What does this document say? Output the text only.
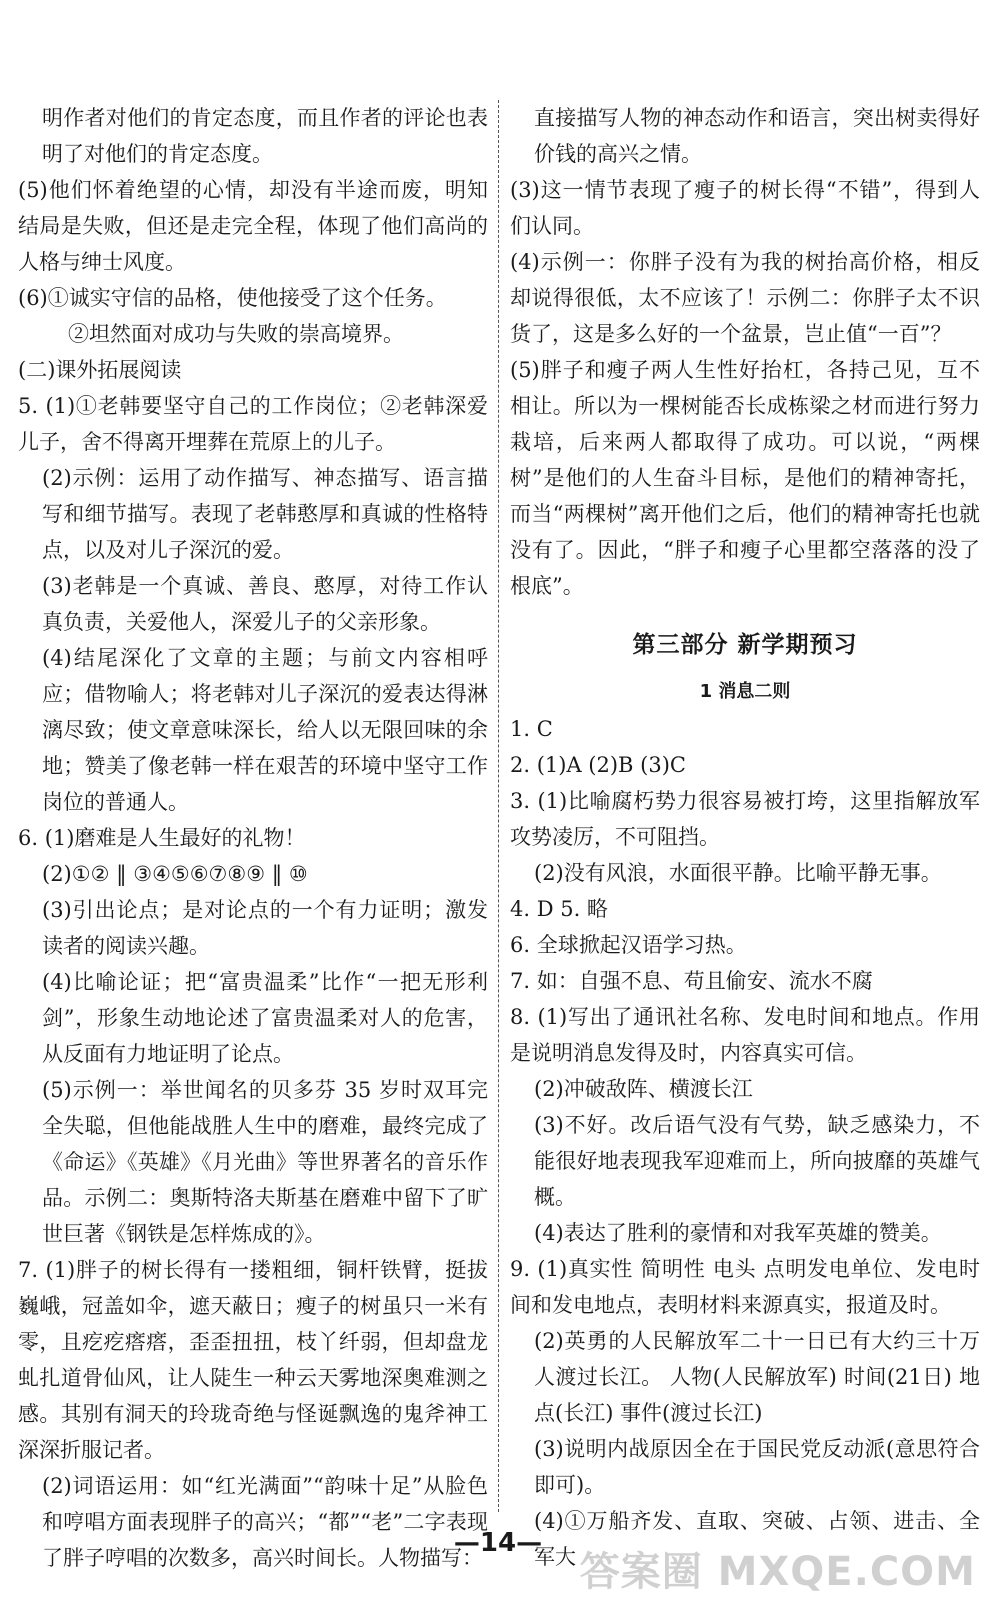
明作者对他们的肯定态度，而且作者的评论也表明了对他们的肯定态度。

(5)他们怀着绝望的心情，却没有半途而废，明知结局是失败，但还是走完全程，体现了他们高尚的人格与绅士风度。

(6)①诚实守信的品格，使他接受了这个任务。

②坦然面对成功与失败的崇高境界。

(二)课外拓展阅读

5. (1)①老韩要坚守自己的工作岗位；②老韩深爱儿子，舍不得离开埋葬在荒原上的儿子。

(2)示例：运用了动作描写、神态描写、语言描写和细节描写。表现了老韩憨厚和真诚的性格特点，以及对儿子深沉的爱。

(3)老韩是一个真诚、善良、憨厚，对待工作认真负责，关爱他人，深爱儿子的父亲形象。

(4)结尾深化了文章的主题；与前文内容相呼应；借物喻人；将老韩对儿子深沉的爱表达得淋漓尽致；使文章意味深长，给人以无限回味的余地；赞美了像老韩一样在艰苦的环境中坚守工作岗位的普通人。

6. (1)磨难是人生最好的礼物！

(2)①② ‖ ③④⑤⑥⑦⑧⑨ ‖ ⑩

(3)引出论点；是对论点的一个有力证明；激发读者的阅读兴趣。

(4)比喻论证；把“富贵温柔”比作“一把无形利剑”，形象生动地论述了富贵温柔对人的危害，从反面有力地证明了论点。

(5)示例一：举世闻名的贝多芬 35 岁时双耳完全失聪，但他能战胜人生中的磨难，最终完成了《命运》《英雄》《月光曲》等世界著名的音乐作品。示例二：奥斯特洛夫斯基在磨难中留下了旷世巨著《钢铁是怎样炼成的》。

7. (1)胖子的树长得有一搂粗细，铜杆铁臂，挺拔巍峨，冠盖如伞，遮天蔽日；瘦子的树虽只一米有零，且疙疙瘩瘩，歪歪扭扭，枝丫纤弱，但却盘龙虬扎道骨仙风，让人陡生一种云天雾地深奥难测之感。其别有洞天的玲珑奇绝与怪诞飘逸的鬼斧神工深深折服记者。

(2)词语运用：如“红光满面”“韵味十足”从脸色和哼唱方面表现胖子的高兴；“都”“老”二字表现了胖子哼唱的次数多，高兴时间长。人物描写：

直接描写人物的神态动作和语言，突出树卖得好价钱的高兴之情。

(3)这一情节表现了瘦子的树长得“不错”，得到人们认同。

(4)示例一：你胖子没有为我的树抬高价格，相反却说得很低，太不应该了！示例二：你胖子太不识货了，这是多么好的一个盆景，岂止值“一百”？

(5)胖子和瘦子两人生性好抬杠，各持己见，互不相让。所以为一棵树能否长成栋梁之材而进行努力栽培，后来两人都取得了成功。可以说，“两棵树”是他们的人生奋斗目标，是他们的精神寄托，而当“两棵树”离开他们之后，他们的精神寄托也就没有了。因此，“胖子和瘦子心里都空落落的没了根底”。

第三部分 新学期预习

1 消息二则

1. C

2. (1)A (2)B (3)C

3. (1)比喻腐朽势力很容易被打垮，这里指解放军攻势凌厉，不可阻挡。

(2)没有风浪，水面很平静。比喻平静无事。

4. D 5. 略

6. 全球掀起汉语学习热。

7. 如：自强不息、苟且偷安、流水不腐

8. (1)写出了通讯社名称、发电时间和地点。作用是说明消息发得及时，内容真实可信。

(2)冲破敌阵、横渡长江

(3)不好。改后语气没有气势，缺乏感染力，不能很好地表现我军迎难而上，所向披靡的英雄气概。

(4)表达了胜利的豪情和对我军英雄的赞美。

9. (1)真实性 简明性 电头 点明发电单位、发电时间和发电地点，表明材料来源真实，报道及时。

(2)英勇的人民解放军二十一日已有大约三十万人渡过长江。 人物(人民解放军) 时间(21日) 地点(长江) 事件(渡过长江)

(3)说明内战原因全在于国民党反动派(意思符合即可)。

(4)①万船齐发、直取、突破、占领、进击、全军大

—14—
答案圈 MXQE.COM
